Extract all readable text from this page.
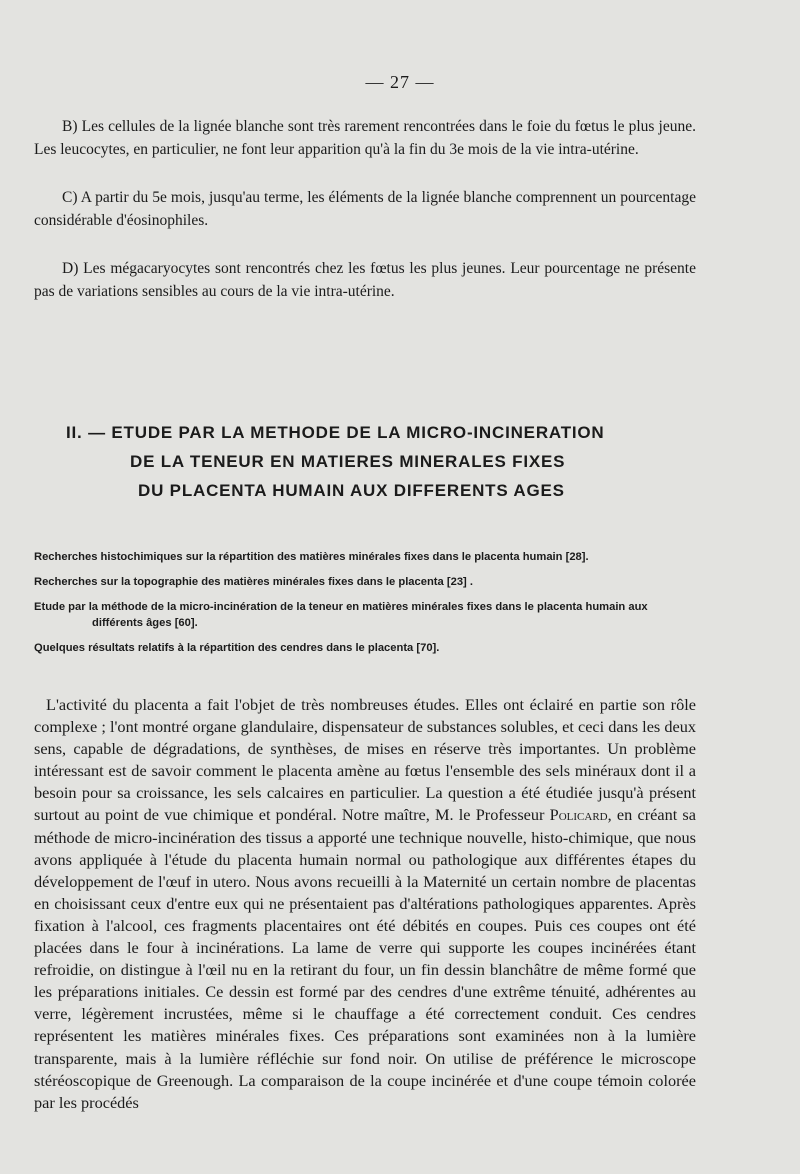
— 27 —

B) Les cellules de la lignée blanche sont très rarement rencontrées dans le foie du fœtus le plus jeune. Les leucocytes, en particulier, ne font leur apparition qu'à la fin du 3e mois de la vie intra-utérine.

C) A partir du 5e mois, jusqu'au terme, les éléments de la lignée blanche comprennent un pourcentage considérable d'éosinophiles.

D) Les mégacaryocytes sont rencontrés chez les fœtus les plus jeunes. Leur pourcentage ne présente pas de variations sensibles au cours de la vie intra-utérine.

II. — ETUDE PAR LA METHODE DE LA MICRO-INCINERATION
DE LA TENEUR EN MATIERES MINERALES FIXES
DU PLACENTA HUMAIN AUX DIFFERENTS AGES
Recherches histochimiques sur la répartition des matières minérales fixes dans le placenta humain [28].
Recherches sur la topographie des matières minérales fixes dans le placenta [23] .
Etude par la méthode de la micro-incinération de la teneur en matières minérales fixes dans le placenta humain aux différents âges [60].
Quelques résultats relatifs à la répartition des cendres dans le placenta [70].

L'activité du placenta a fait l'objet de très nombreuses études. Elles ont éclairé en partie son rôle complexe ; l'ont montré organe glandulaire, dispensateur de substances solubles, et ceci dans les deux sens, capable de dégradations, de synthèses, de mises en réserve très importantes. Un problème intéressant est de savoir comment le placenta amène au fœtus l'ensemble des sels minéraux dont il a besoin pour sa croissance, les sels calcaires en particulier. La question a été étudiée jusqu'à présent surtout au point de vue chimique et pondéral. Notre maître, M. le Professeur Policard, en créant sa méthode de micro-incinération des tissus a apporté une technique nouvelle, histo-chimique, que nous avons appliquée à l'étude du placenta humain normal ou pathologique aux différentes étapes du développement de l'œuf in utero. Nous avons recueilli à la Maternité un certain nombre de placentas en choisissant ceux d'entre eux qui ne présentaient pas d'altérations pathologiques apparentes. Après fixation à l'alcool, ces fragments placentaires ont été débités en coupes. Puis ces coupes ont été placées dans le four à incinérations. La lame de verre qui supporte les coupes incinérées étant refroidie, on distingue à l'œil nu en la retirant du four, un fin dessin blanchâtre de même formé que les préparations initiales. Ce dessin est formé par des cendres d'une extrême ténuité, adhérentes au verre, légèrement incrustées, même si le chauffage a été correctement conduit. Ces cendres représentent les matières minérales fixes. Ces préparations sont examinées non à la lumière transparente, mais à la lumière réfléchie sur fond noir. On utilise de préférence le microscope stéréoscopique de Greenough. La comparaison de la coupe incinérée et d'une coupe témoin colorée par les procédés
